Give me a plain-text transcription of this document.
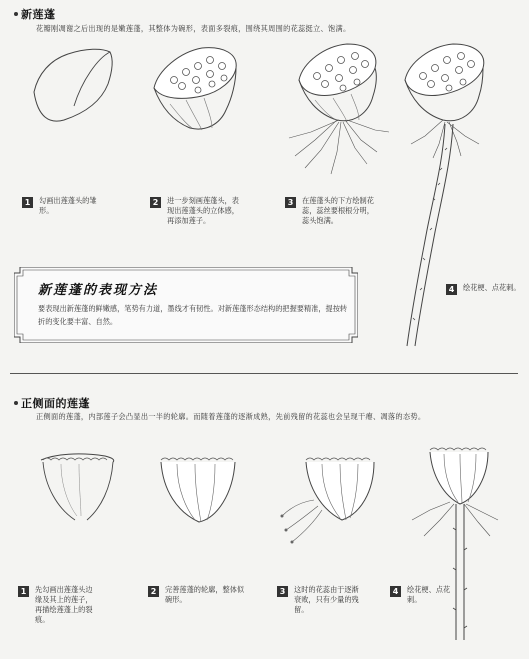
新莲蓬
花瓣刚凋谢之后出现的是嫩莲蓬，其整体为碗形，表面多裂痕，围绕其周围的花蕊挺立、饱满。
1	勾画出莲蓬头的雏形。
2	进一步刻画莲蓬头，表现出莲蓬头的立体感，再添加莲子。
3	在莲蓬头的下方绘制花蕊，蕊丝要根根分明，蕊头饱满。
4	绘花梗、点花刺。
新莲蓬的表现方法
要表现出新莲蓬的鲜嫩感，笔势有力道，墨线才有韧性。对新莲蓬形态结构的把握要精准，提按转折的变化要丰富、自然。
正侧面的莲蓬
正侧面的莲蓬，内部莲子会凸显出一半的轮廓。而随着莲蓬的逐渐成熟，先前残留的花蕊也会呈现干瘪、凋落的态势。
1	先勾画出莲蓬头边缘及其上的莲子，再描绘莲蓬上的裂痕。
2	完善莲蓬的轮廓，整体似碗形。
3	这时的花蕊由于逐渐衰败，只有少量的残留。
4	绘花梗、点花刺。
